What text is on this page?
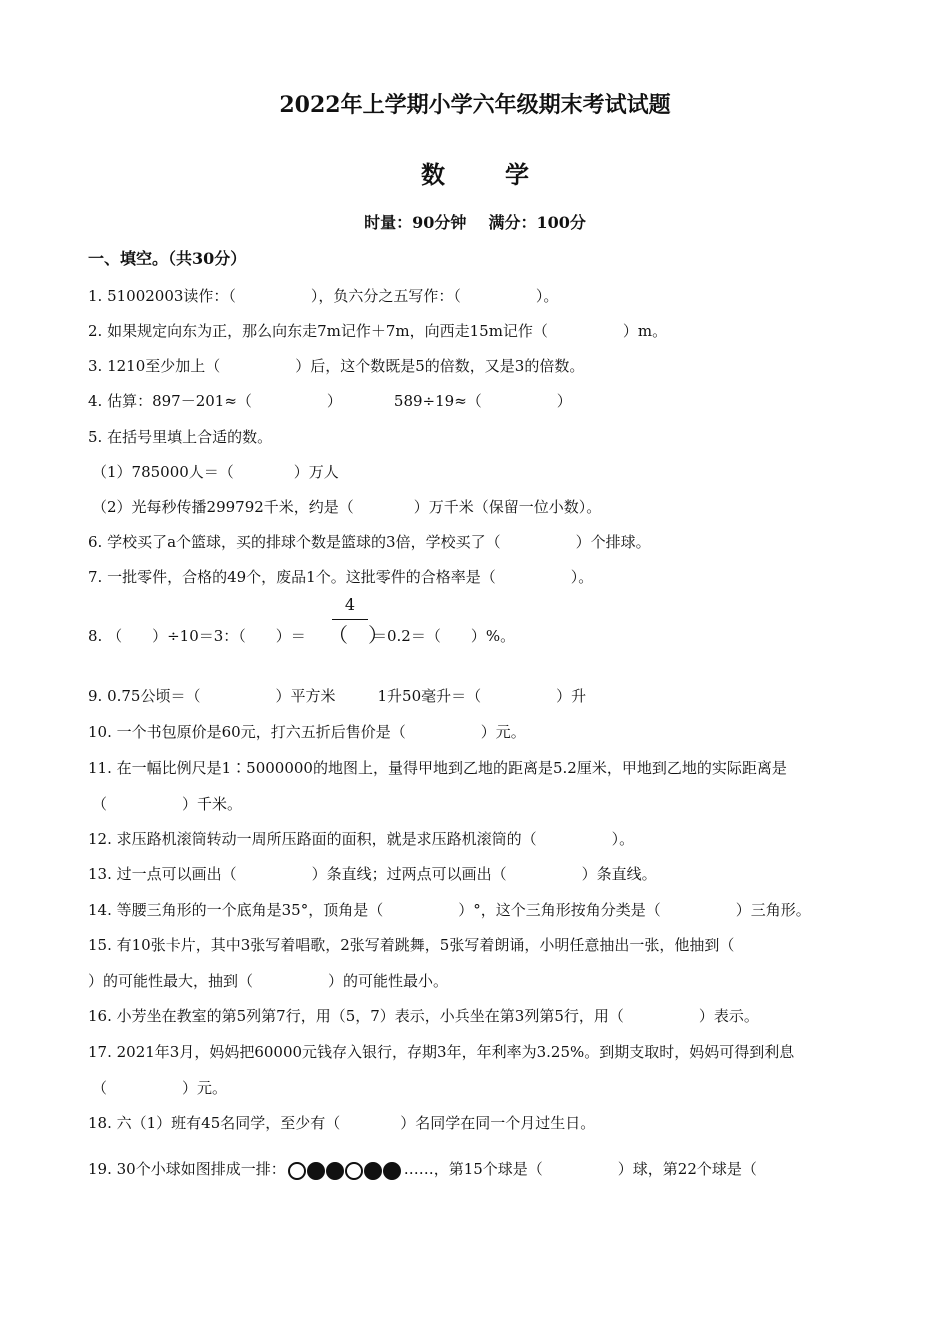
2022年上学期小学六年级期末考试试题
数学
时量：90分钟 满分：100分
一、填空。（共30分）
1. 51002003读作：（　　　　　），负六分之五写作：（　　　　　）。
2. 如果规定向东为正，那么向东走7m记作＋7m，向西走15m记作（　　　　　）m。
3. 1210至少加上（　　　　　）后，这个数既是5的倍数，又是3的倍数。
4. 估算：897－201≈（　　　　　）	589÷19≈（　　　　　）
5. 在括号里填上合适的数。
（1）785000人＝（　　　　）万人
（2）光每秒传播299792千米，约是（　　　　）万千米（保留一位小数）。
6. 学校买了a个篮球，买的排球个数是篮球的3倍，学校买了（　　　　　）个排球。
7. 一批零件，合格的49个，废品1个。这批零件的合格率是（　　　　　）。
8. （　　）÷10＝3：（　　）＝
4
（　）
＝0.2＝（　　）%。
9. 0.75公顷＝（　　　　　）平方米	1升50毫升＝（　　　　　）升
10. 一个书包原价是60元，打六五折后售价是（　　　　　）元。
11. 在一幅比例尺是1∶5000000的地图上，量得甲地到乙地的距离是5.2厘米，甲地到乙地的实际距离是
（　　　　　）千米。
12. 求压路机滚筒转动一周所压路面的面积，就是求压路机滚筒的（　　　　　）。
13. 过一点可以画出（　　　　　）条直线；过两点可以画出（　　　　　）条直线。
14. 等腰三角形的一个底角是35°，顶角是（　　　　　）°，这个三角形按角分类是（　　　　　）三角形。
15. 有10张卡片，其中3张写着唱歌，2张写着跳舞，5张写着朗诵，小明任意抽出一张，他抽到（
）的可能性最大，抽到（　　　　　）的可能性最小。
16. 小芳坐在教室的第5列第7行，用（5，7）表示，小兵坐在第3列第5行，用（　　　　　）表示。
17. 2021年3月，妈妈把60000元钱存入银行，存期3年，年利率为3.25%。到期支取时，妈妈可得到利息
（　　　　　）元。
18. 六（1）班有45名同学，至少有（　　　　）名同学在同一个月过生日。
19. 30个小球如图排成一排：	……，第15个球是（　　　　　）球，第22个球是（
